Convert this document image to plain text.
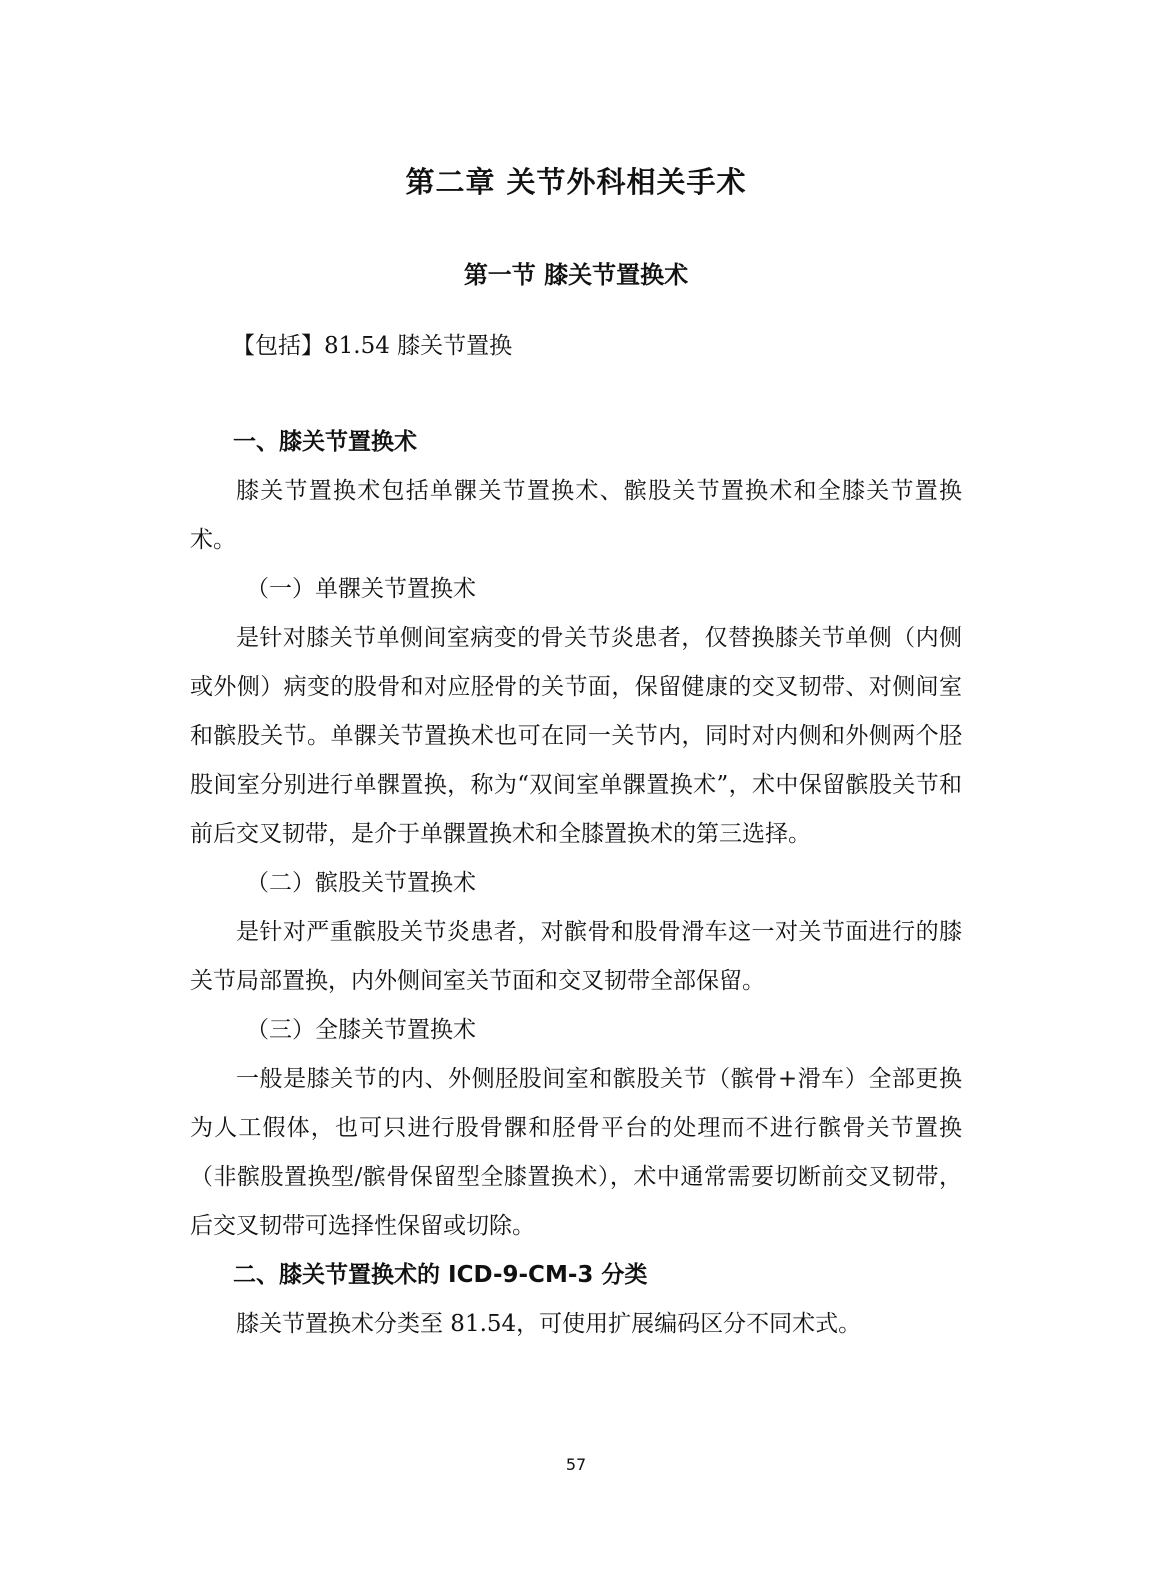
第二章 关节外科相关手术
第一节 膝关节置换术
【包括】81.54 膝关节置换

一、膝关节置换术

膝关节置换术包括单髁关节置换术、髌股关节置换术和全膝关节置换术。

（一）单髁关节置换术

是针对膝关节单侧间室病变的骨关节炎患者，仅替换膝关节单侧（内侧或外侧）病变的股骨和对应胫骨的关节面，保留健康的交叉韧带、对侧间室和髌股关节。单髁关节置换术也可在同一关节内，同时对内侧和外侧两个胫股间室分别进行单髁置换，称为“双间室单髁置换术”，术中保留髌股关节和前后交叉韧带，是介于单髁置换术和全膝置换术的第三选择。

（二）髌股关节置换术

是针对严重髌股关节炎患者，对髌骨和股骨滑车这一对关节面进行的膝关节局部置换，内外侧间室关节面和交叉韧带全部保留。

（三）全膝关节置换术

一般是膝关节的内、外侧胫股间室和髌股关节（髌骨+滑车）全部更换为人工假体，也可只进行股骨髁和胫骨平台的处理而不进行髌骨关节置换（非髌股置换型/髌骨保留型全膝置换术），术中通常需要切断前交叉韧带，后交叉韧带可选择性保留或切除。

二、膝关节置换术的 ICD-9-CM-3 分类

膝关节置换术分类至 81.54，可使用扩展编码区分不同术式。

57
